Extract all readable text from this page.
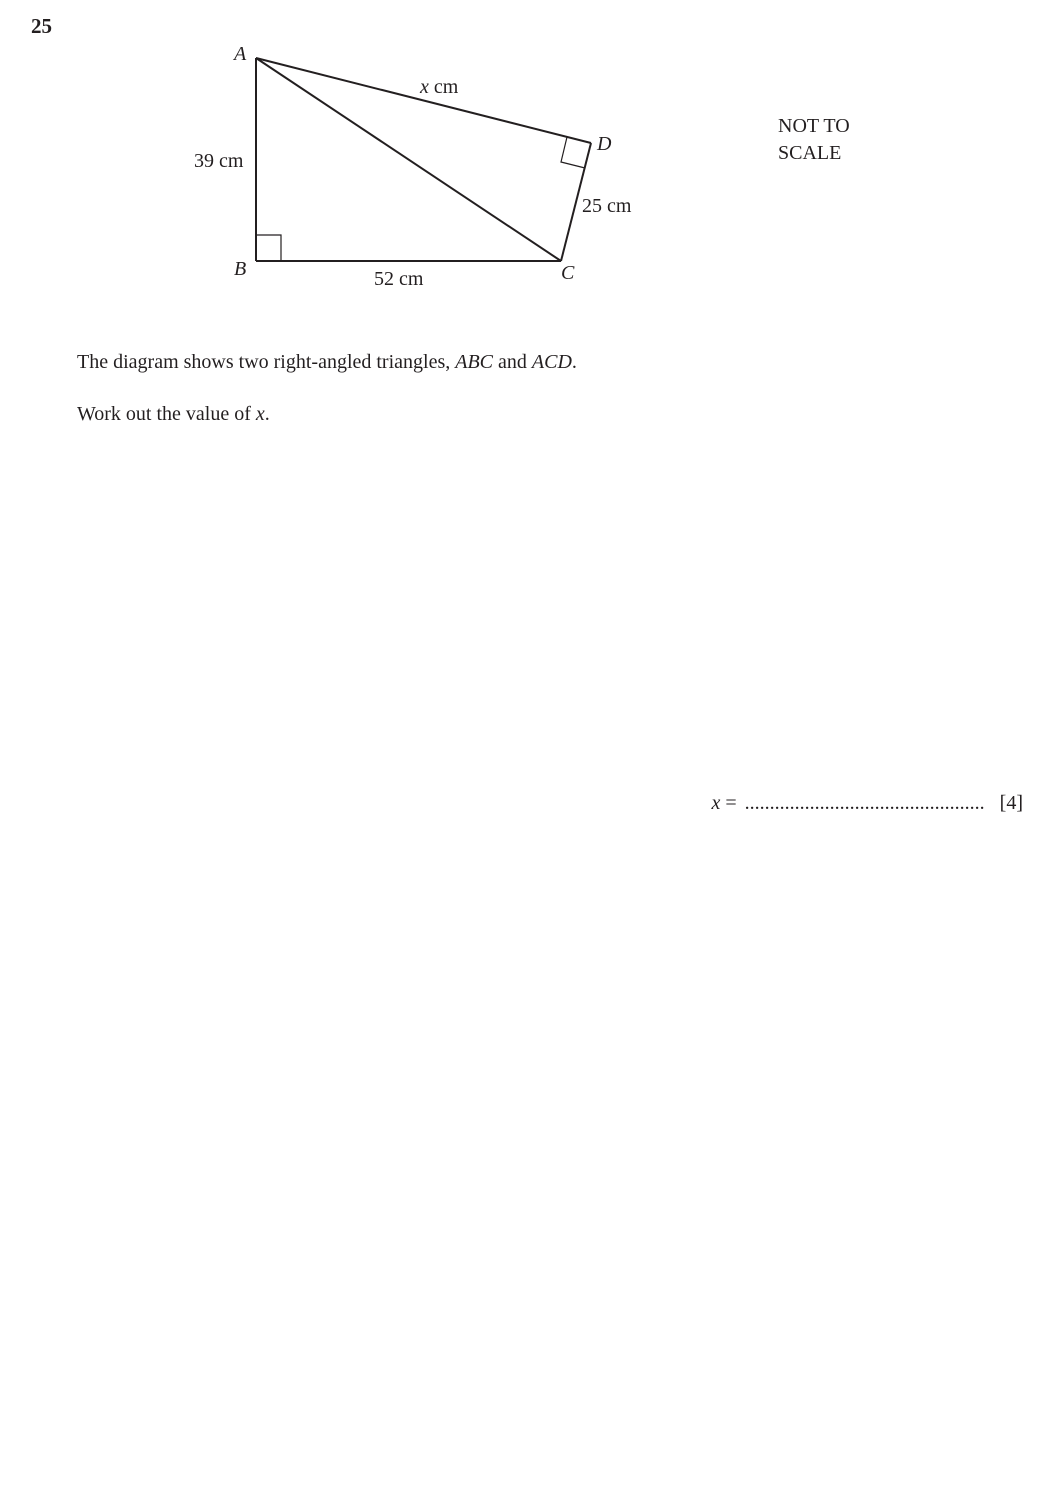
25
A
B	C
D
39 cm
52 cm
25 cm
x cm
NOT TO
SCALE
The diagram shows two right-angled triangles, ABC and ACD.
Work out the value of x.
x = ................................................ [4]
